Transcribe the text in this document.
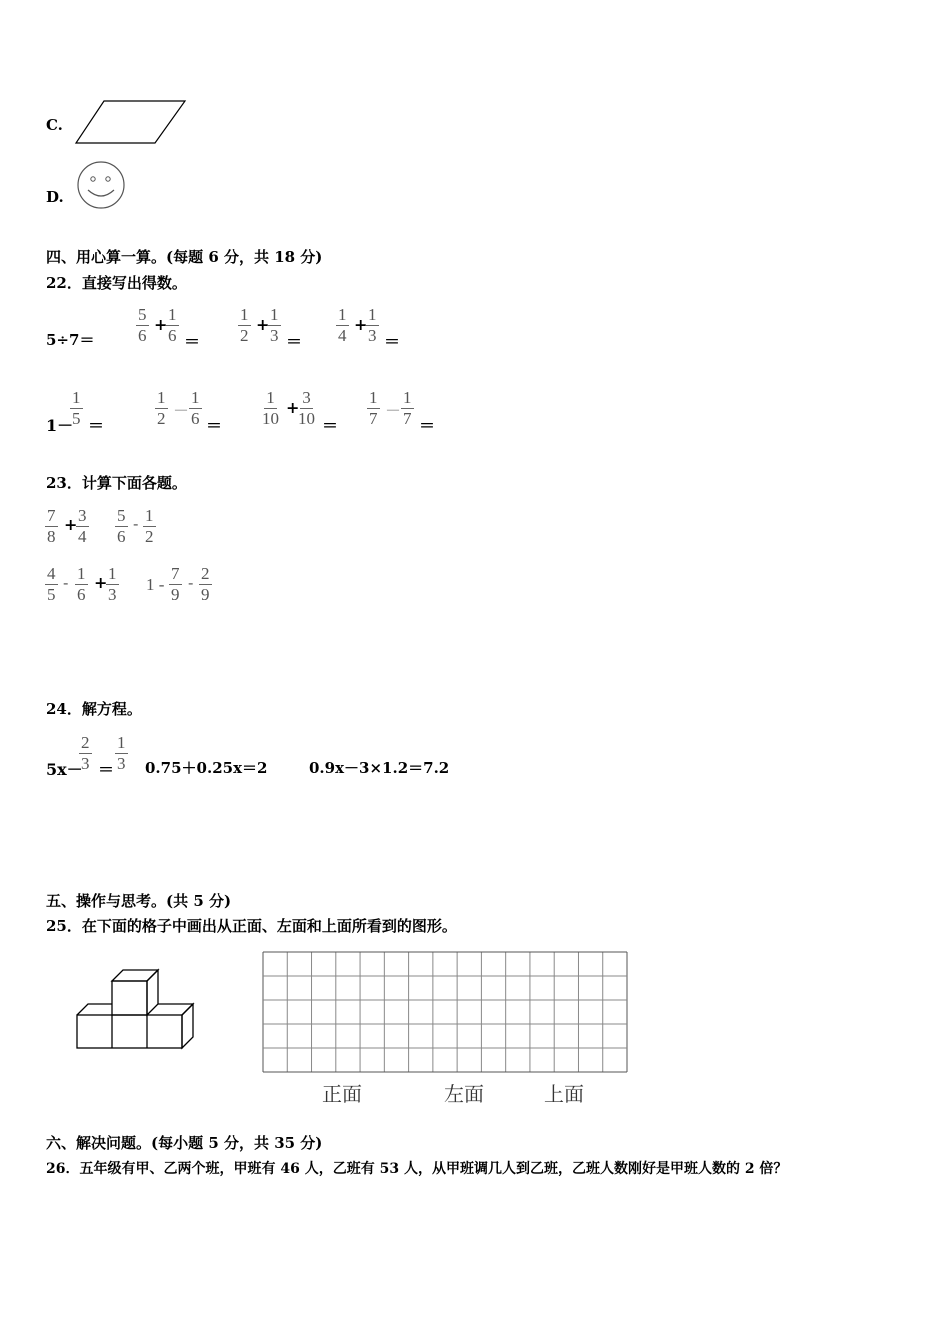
C.
D.
四、用心算一算。(每题 6 分，共 18 分)
22．直接写出得数。
$5\div 7= \frac{5}{6}$ +
$\frac{1}{6} = \frac{1}{2}$ +
$\frac{1}{3} = \frac{1}{4}$ +
$\frac{1}{3}$ ＝
1－
$\frac{1}{5}$ ＝	$\frac{1}{2} - \frac{1}{6} = \frac{1}{10}$ +
$\frac{3}{10} = \frac{1}{7} - \frac{1}{7}$ ＝
23．计算下面各题。
$\frac{7}{8}$ +
$\frac{3}{4} \frac{5}{6} - \frac{1}{2}$
$\frac{4}{5} - \frac{1}{6}$ +
$\frac{1}{3} 1 - \frac{7}{9} - \frac{2}{9}$
24．解方程。
5x－
$\frac{2}{3} = \frac{1}{3} 0.75+0.25x=2$	0.9x－3×1.2＝7.2
五、操作与思考。(共 5 分)
25．在下面的格子中画出从正面、左面和上面所看到的图形。
正面	左面	上面
六、解决问题。(每小题 5 分，共 35 分)
26．五年级有甲、乙两个班，甲班有 46 人，乙班有 53 人，从甲班调几人到乙班，乙班人数刚好是甲班人数的 2 倍？
